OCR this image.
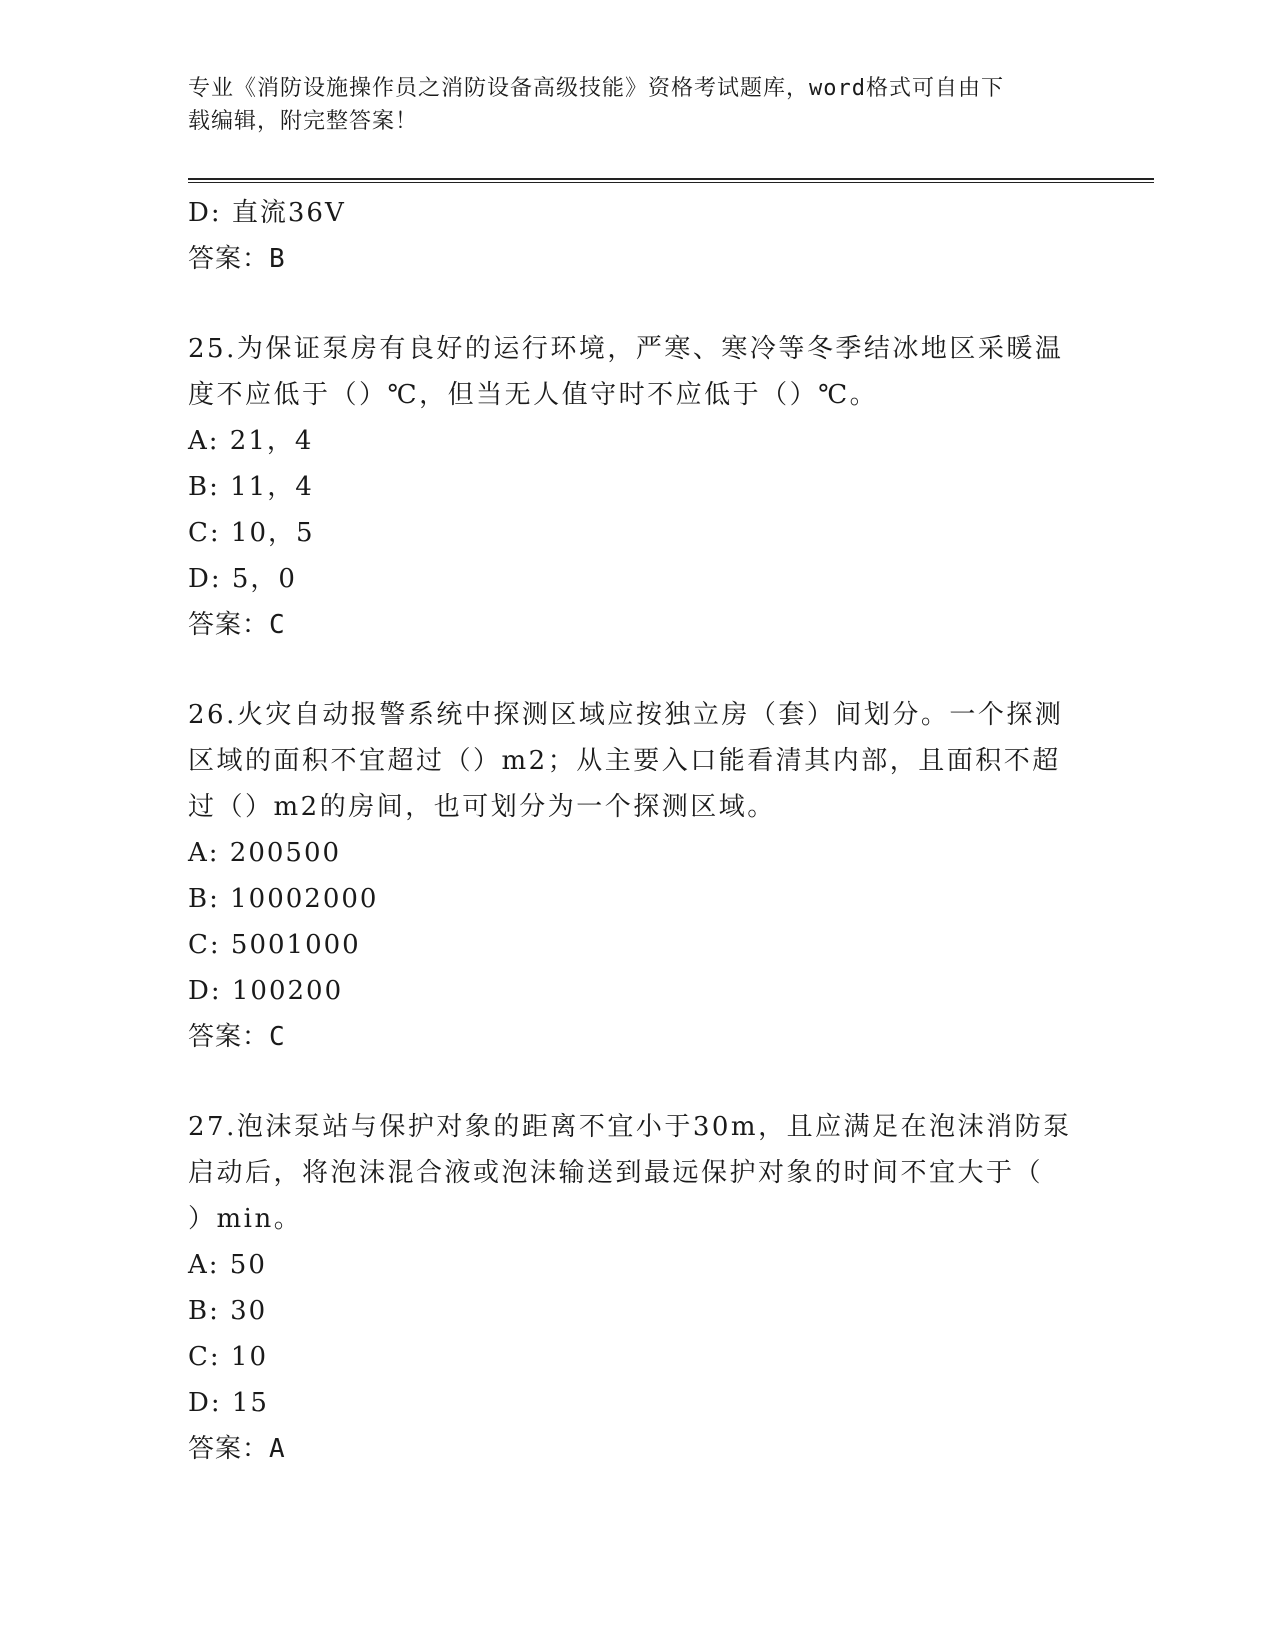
专业《消防设施操作员之消防设备高级技能》资格考试题库，word格式可自由下
载编辑，附完整答案！
D: 直流36V
答案：B
25.为保证泵房有良好的运行环境，严寒、寒冷等冬季结冰地区采暖温
度不应低于（）℃，但当无人值守时不应低于（）℃。
A: 21，4
B: 11，4
C: 10，5
D: 5，0
答案：C
26.火灾自动报警系统中探测区域应按独立房（套）间划分。一个探测
区域的面积不宜超过（）m2；从主要入口能看清其内部，且面积不超
过（）m2的房间，也可划分为一个探测区域。
A: 200500
B: 10002000
C: 5001000
D: 100200
答案：C
27.泡沫泵站与保护对象的距离不宜小于30m，且应满足在泡沫消防泵
启动后，将泡沫混合液或泡沫输送到最远保护对象的时间不宜大于（
）min。
A: 50
B: 30
C: 10
D: 15
答案：A
